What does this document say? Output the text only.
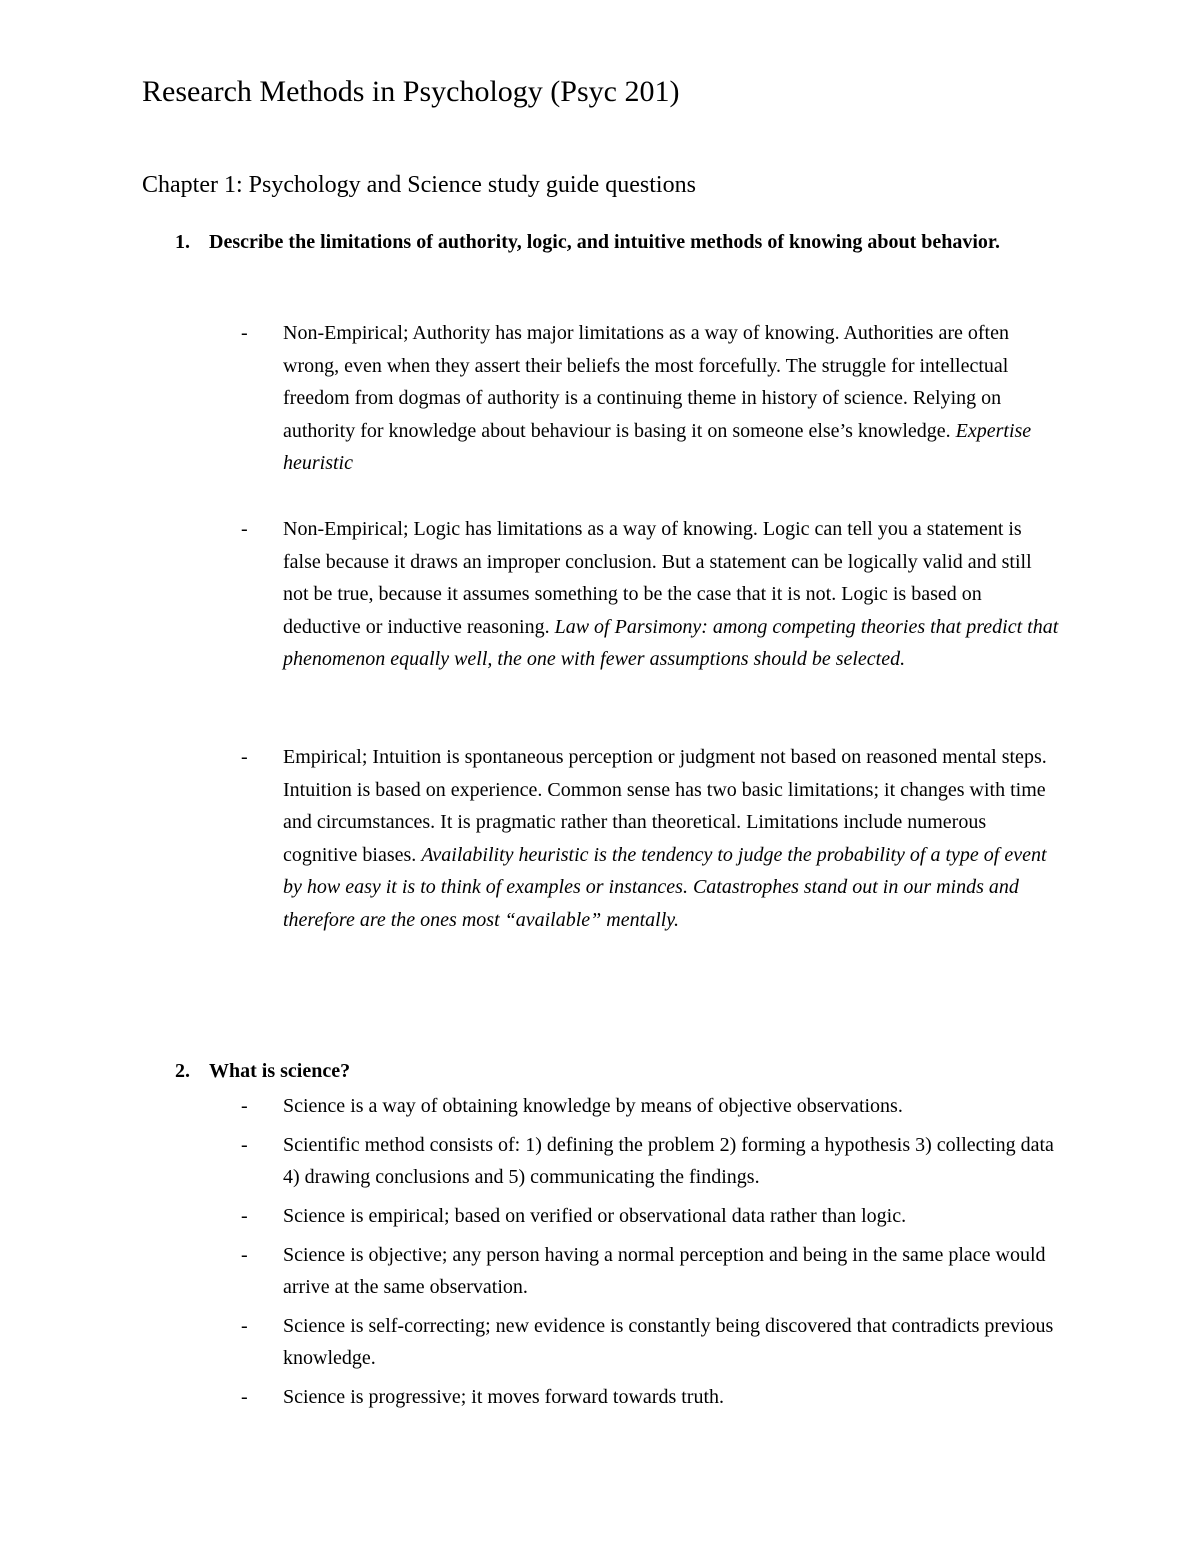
Research Methods in Psychology (Psyc 201)
Chapter 1: Psychology and Science study guide questions
1. Describe the limitations of authority, logic, and intuitive methods of knowing about behavior.
- Non-Empirical; Authority has major limitations as a way of knowing. Authorities are often wrong, even when they assert their beliefs the most forcefully. The struggle for intellectual freedom from dogmas of authority is a continuing theme in history of science. Relying on authority for knowledge about behaviour is basing it on someone else’s knowledge. Expertise heuristic
- Non-Empirical; Logic has limitations as a way of knowing. Logic can tell you a statement is false because it draws an improper conclusion. But a statement can be logically valid and still not be true, because it assumes something to be the case that it is not. Logic is based on deductive or inductive reasoning. Law of Parsimony: among competing theories that predict that phenomenon equally well, the one with fewer assumptions should be selected.
- Empirical; Intuition is spontaneous perception or judgment not based on reasoned mental steps. Intuition is based on experience. Common sense has two basic limitations; it changes with time and circumstances. It is pragmatic rather than theoretical. Limitations include numerous cognitive biases. Availability heuristic is the tendency to judge the probability of a type of event by how easy it is to think of examples or instances. Catastrophes stand out in our minds and therefore are the ones most “available” mentally.
2. What is science?
- Science is a way of obtaining knowledge by means of objective observations.
- Scientific method consists of: 1) defining the problem 2) forming a hypothesis 3) collecting data 4) drawing conclusions and 5) communicating the findings.
- Science is empirical; based on verified or observational data rather than logic.
- Science is objective; any person having a normal perception and being in the same place would arrive at the same observation.
- Science is self-correcting; new evidence is constantly being discovered that contradicts previous knowledge.
- Science is progressive; it moves forward towards truth.
